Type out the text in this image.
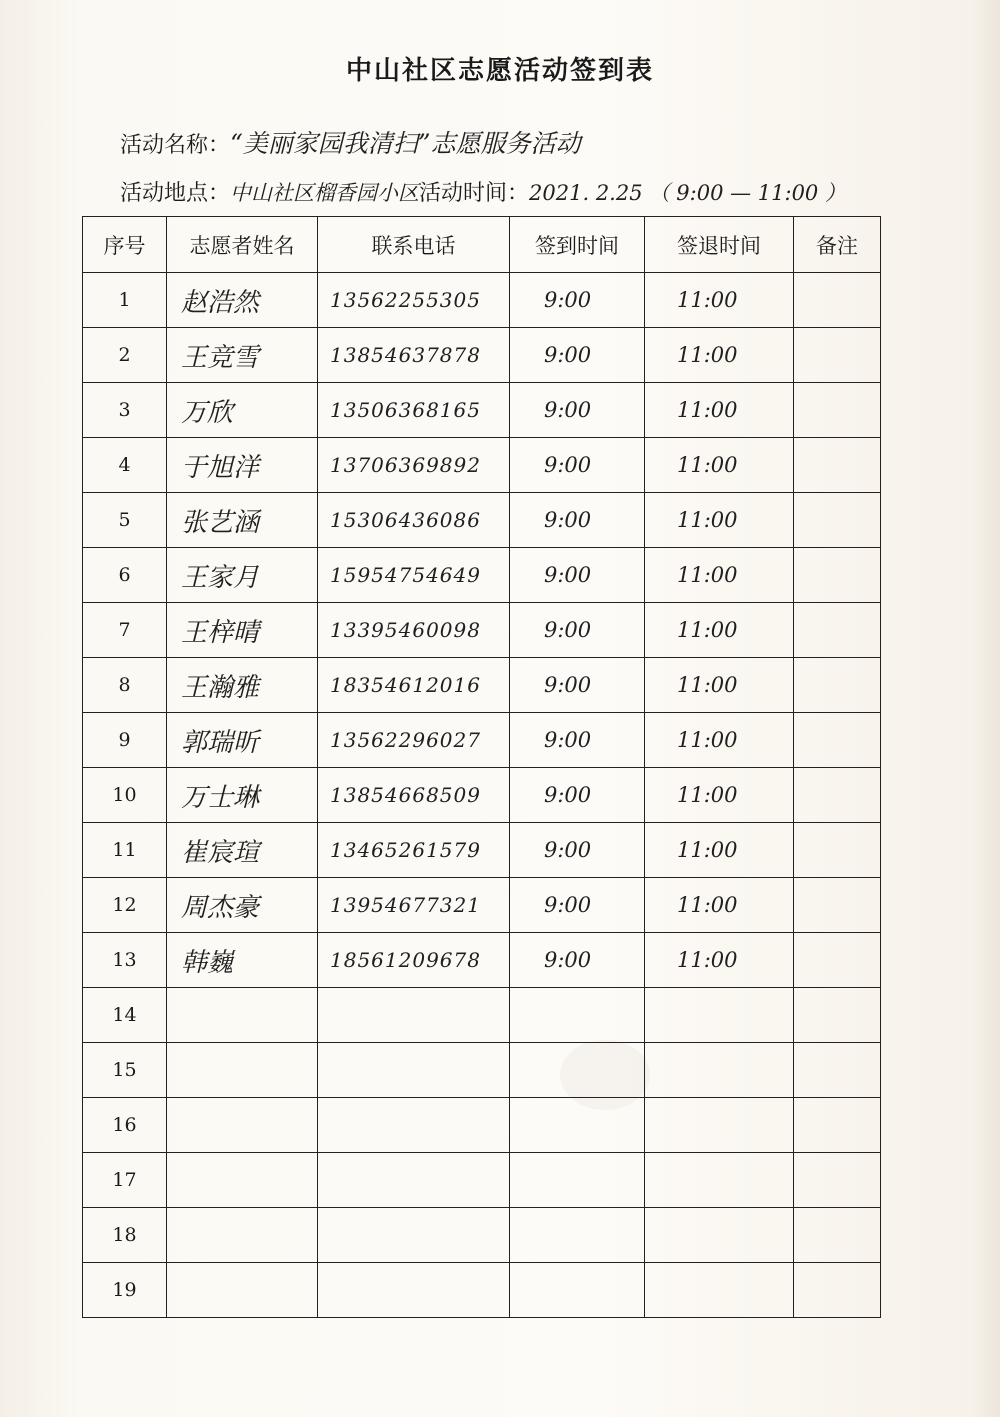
中山社区志愿活动签到表
活动名称：“美丽家园我清扫”志愿服务活动
活动地点：中山社区榴香园小区活动时间：2021. 2.25 （ 9:00 — 11:00 ）
序号	志愿者姓名	联系电话	签到时间	签退时间	备注
1	赵浩然	13562255305	9:00	11:00	
2	王竞雪	13854637878	9:00	11:00	
3	万欣	13506368165	9:00	11:00	
4	于旭洋	13706369892	9:00	11:00	
5	张艺涵	15306436086	9:00	11:00	
6	王家月	15954754649	9:00	11:00	
7	王梓晴	13395460098	9:00	11:00	
8	王瀚雅	18354612016	9:00	11:00	
9	郭瑞昕	13562296027	9:00	11:00	
10	万士琳	13854668509	9:00	11:00	
11	崔宸瑄	13465261579	9:00	11:00	
12	周杰豪	13954677321	9:00	11:00	
13	韩巍	18561209678	9:00	11:00	
14					
15					
16					
17					
18					
19					
